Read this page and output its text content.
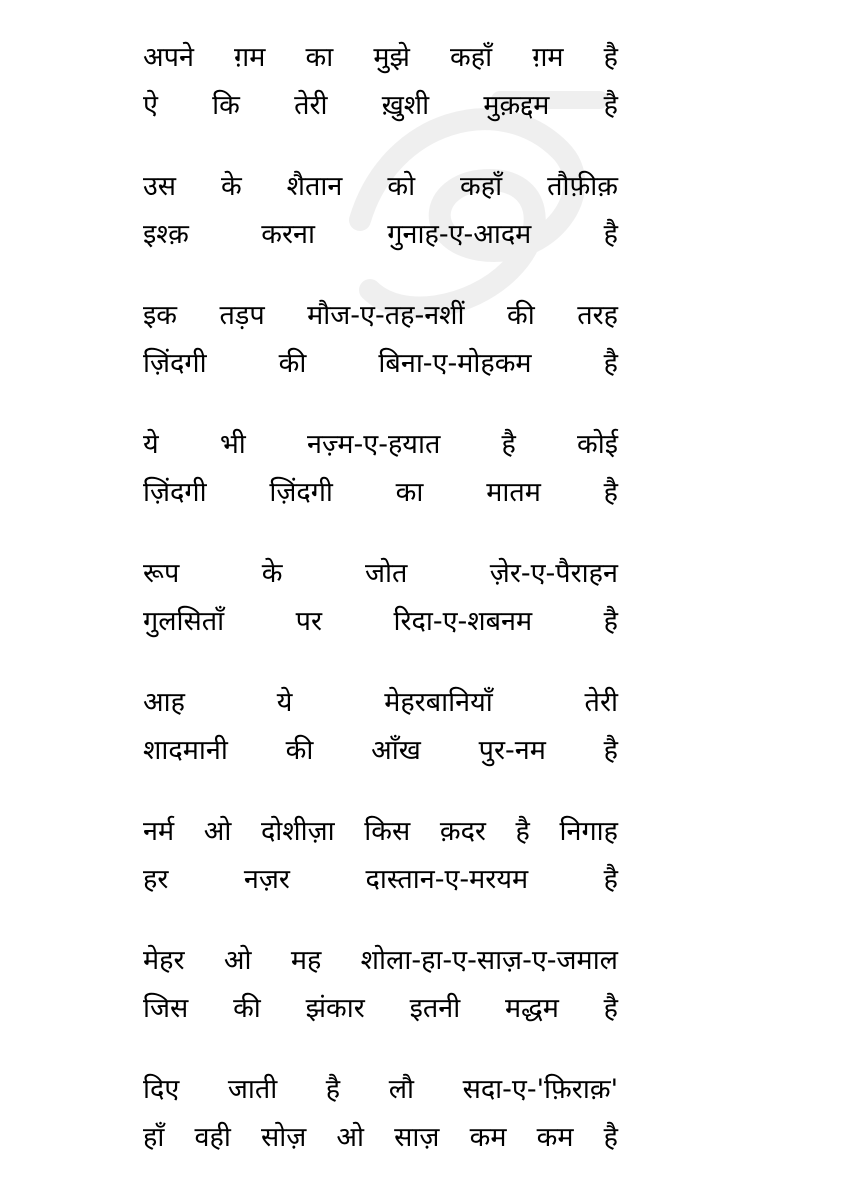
अपने ग़म का मुझे कहाँ ग़म है
ऐ कि तेरी ख़ुशी मुक़द्दम है
उस के शैतान को कहाँ तौफ़ीक़
इश्क़ करना गुनाह-ए-आदम है
इक तड़प मौज-ए-तह-नशीं की तरह
ज़िंदगी की बिना-ए-मोहकम है
ये भी नज़्म-ए-हयात है कोई
ज़िंदगी ज़िंदगी का मातम है
रूप के जोत ज़ेर-ए-पैराहन
गुलसिताँ पर रिदा-ए-शबनम है
आह ये मेहरबानियाँ तेरी
शादमानी की आँख पुर-नम है
नर्म ओ दोशीज़ा किस क़दर है निगाह
हर नज़र दास्तान-ए-मरयम है
मेहर ओ मह शोला-हा-ए-साज़-ए-जमाल
जिस की झंकार इतनी मद्धम है
दिए जाती है लौ सदा-ए-'फ़िराक़'
हाँ वही सोज़ ओ साज़ कम कम है
